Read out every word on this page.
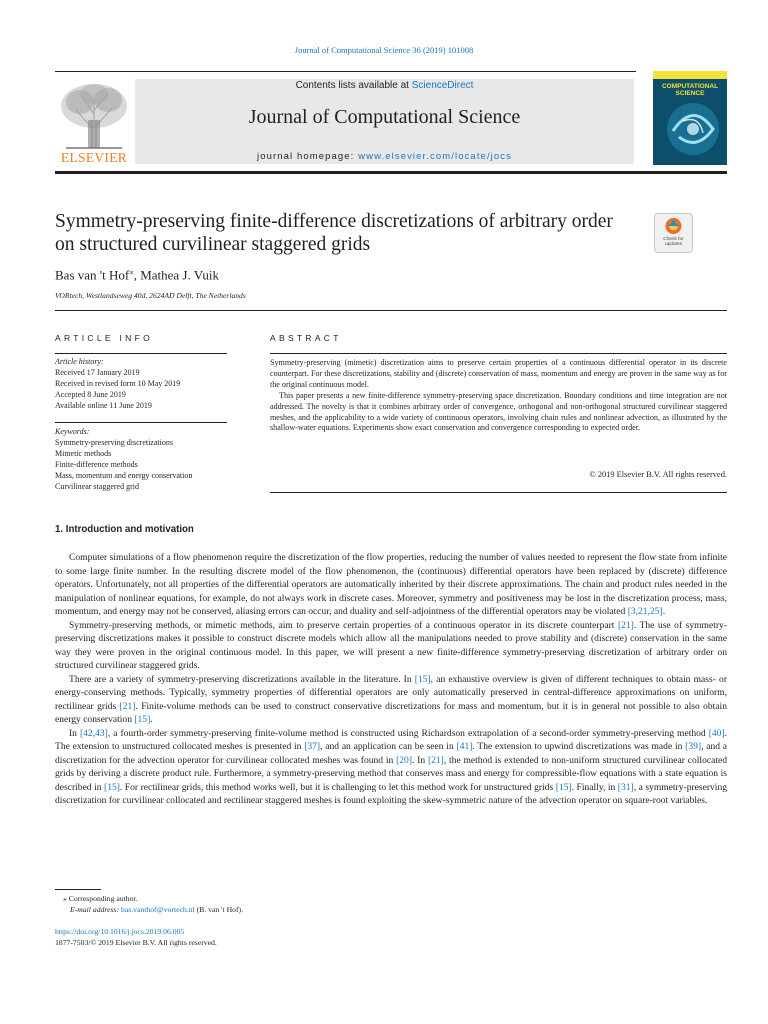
Journal of Computational Science 36 (2019) 101008
ELSEVIER
Contents lists available at ScienceDirect
Journal of Computational Science
journal homepage: www.elsevier.com/locate/jocs
COMPUTATIONAL SCIENCE
Symmetry-preserving finite-difference discretizations of arbitrary order on structured curvilinear staggered grids	Check for updates
Bas van 't Hof⁎, Mathea J. Vuik
VORtech, Westlandseweg 40d, 2624AD Delft, The Netherlands
ARTICLE INFO
Article history:
Received 17 January 2019
Received in revised form 10 May 2019
Accepted 8 June 2019
Available online 11 June 2019
Keywords:
Symmetry-preserving discretizations
Mimetic methods
Finite-difference methods
Mass, momentum and energy conservation
Curvilinear staggered grid
ABSTRACT

Symmetry-preserving (mimetic) discretization aims to preserve certain properties of a continuous differential operator in its discrete counterpart. For these discretizations, stability and (discrete) conservation of mass, momentum and energy are proven in the same way as for the original continuous model.

This paper presents a new finite-difference symmetry-preserving space discretization. Boundary conditions and time integration are not addressed. The novelty is that it combines arbitrary order of convergence, orthogonal and non-orthogonal structured curvilinear staggered meshes, and the applicability to a wide variety of continuous operators, involving chain rules and nonlinear advection, as illustrated by the shallow-water equations. Experiments show exact conservation and convergence corresponding to expected order.

© 2019 Elsevier B.V. All rights reserved.
1. Introduction and motivation

Computer simulations of a flow phenomenon require the discretization of the flow properties, reducing the number of values needed to represent the flow state from infinite to some large finite number. In the resulting discrete model of the flow phenomenon, the (continuous) differential operators have been replaced by (discrete) difference operators. Unfortunately, not all properties of the differential operators are automatically inherited by their discrete approximations. The chain and product rules needed in the manipulation of nonlinear equations, for example, do not always work in discrete cases. Moreover, symmetry and positiveness may be lost in the discretization process, mass, momentum, and energy may not be conserved, aliasing errors can occur, and duality and self-adjointness of the differential operators may be violated [3,21,25].

Symmetry-preserving methods, or mimetic methods, aim to preserve certain properties of a continuous operator in its discrete counterpart [21]. The use of symmetry-preserving discretizations makes it possible to construct discrete models which allow all the manipulations needed to prove stability and (discrete) conservation in the same way they were proven in the original continuous model. In this paper, we will present a new finite-difference symmetry-preserving discretization of arbitrary order on structured curvilinear staggered grids.

There are a variety of symmetry-preserving discretizations available in the literature. In [15], an exhaustive overview is given of different techniques to obtain mass- or energy-conserving methods. Typically, symmetry properties of differential operators are only automatically preserved in central-difference approximations on uniform, rectilinear grids [21]. Finite-volume methods can be used to construct conservative discretizations for mass and momentum, but it is in general not possible to also obtain energy conservation [15].

In [42,43], a fourth-order symmetry-preserving finite-volume method is constructed using Richardson extrapolation of a second-order symmetry-preserving method [40]. The extension to unstructured collocated meshes is presented in [37], and an application can be seen in [41]. The extension to upwind discretizations was made in [39], and a discretization for the advection operator for curvilinear collocated meshes was found in [20]. In [21], the method is extended to non-uniform structured curvilinear collocated grids by deriving a discrete product rule. Furthermore, a symmetry-preserving method that conserves mass and energy for compressible-flow equations with a state equation is described in [15]. For rectilinear grids, this method works well, but it is challenging to let this method work for unstructured grids [15]. Finally, in [31], a symmetry-preserving discretization for curvilinear collocated and rectilinear staggered meshes is found exploiting the skew-symmetric nature of the advection operator on square-root variables.

⁎ Corresponding author.
E-mail address: bas.vanthof@vortech.nl (B. van 't Hof).
https://doi.org/10.1016/j.jocs.2019.06.005
1877-7503/© 2019 Elsevier B.V. All rights reserved.
